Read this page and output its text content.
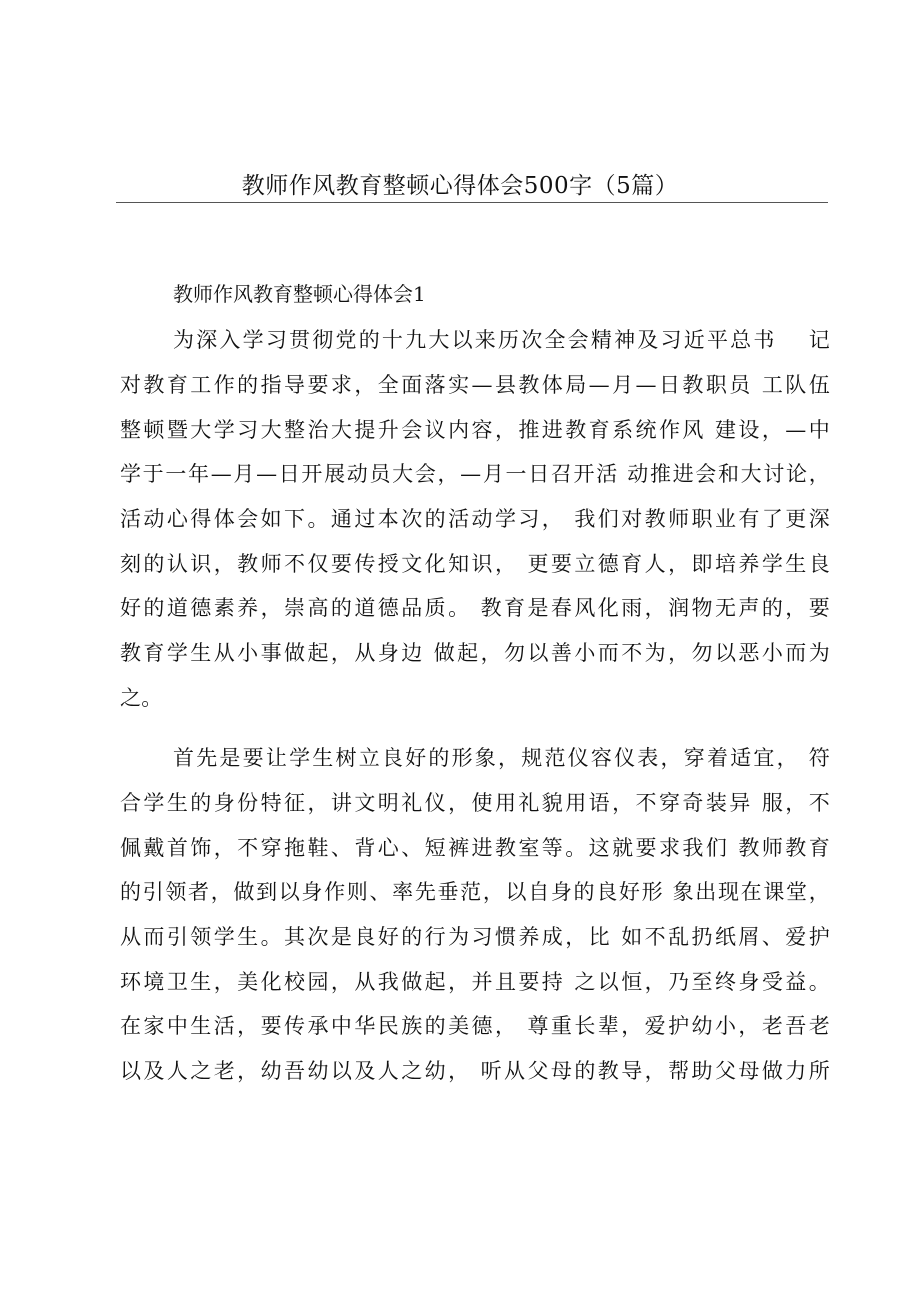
教师作风教育整顿心得体会500字（5篇）
教师作风教育整顿心得体会1
为深入学习贯彻党的十九大以来历次全会精神及习近平总书　 记
对教育工作的指导要求，全面落实—县教体局—月—日教职员 工队伍
整顿暨大学习大整治大提升会议内容，推进教育系统作风 建设，—中
学于一年—月—日开展动员大会，—月一日召开活 动推进会和大讨论，
活动心得体会如下。通过本次的活动学习， 我们对教师职业有了更深
刻的认识，教师不仅要传授文化知识， 更要立德育人，即培养学生良
好的道德素养，崇高的道德品质。 教育是春风化雨，润物无声的，要
教育学生从小事做起，从身边 做起，勿以善小而不为，勿以恶小而为
之。
首先是要让学生树立良好的形象，规范仪容仪表，穿着适宜， 符
合学生的身份特征，讲文明礼仪，使用礼貌用语，不穿奇装异 服，不
佩戴首饰，不穿拖鞋、背心、短裤进教室等。这就要求我们 教师教育
的引领者，做到以身作则、率先垂范，以自身的良好形 象出现在课堂，
从而引领学生。其次是良好的行为习惯养成，比 如不乱扔纸屑、爱护
环境卫生，美化校园，从我做起，并且要持 之以恒，乃至终身受益。
在家中生活，要传承中华民族的美德， 尊重长辈，爱护幼小，老吾老
以及人之老，幼吾幼以及人之幼， 听从父母的教导，帮助父母做力所
